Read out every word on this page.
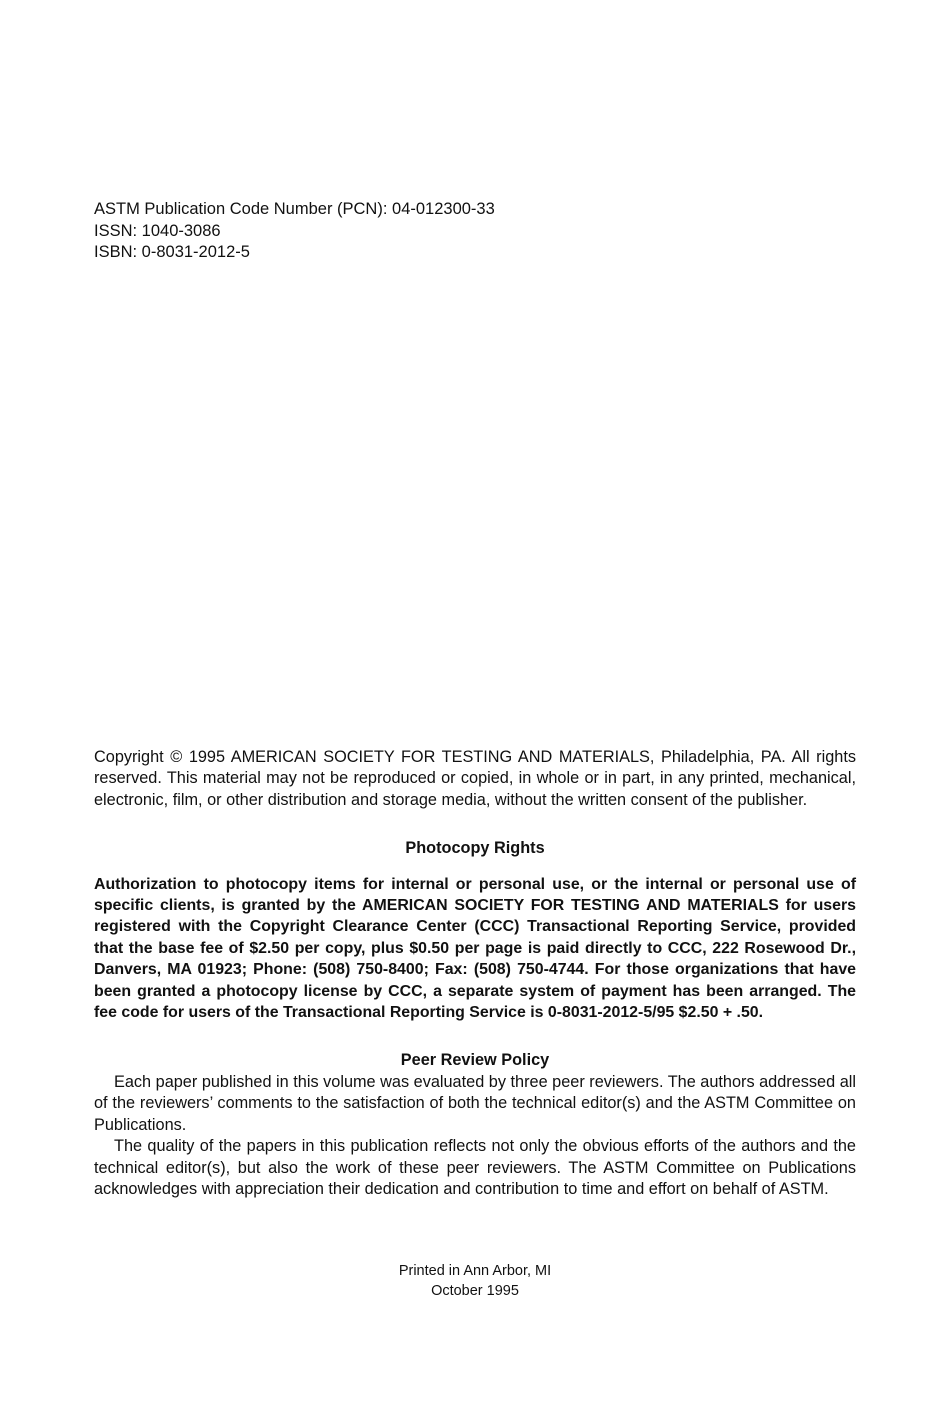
ASTM Publication Code Number (PCN): 04-012300-33
ISSN: 1040-3086
ISBN: 0-8031-2012-5

Copyright © 1995 AMERICAN SOCIETY FOR TESTING AND MATERIALS, Philadelphia, PA. All rights reserved. This material may not be reproduced or copied, in whole or in part, in any printed, mechanical, electronic, film, or other distribution and storage media, without the written consent of the publisher.

Photocopy Rights

Authorization to photocopy items for internal or personal use, or the internal or personal use of specific clients, is granted by the AMERICAN SOCIETY FOR TESTING AND MATERIALS for users registered with the Copyright Clearance Center (CCC) Transactional Reporting Service, provided that the base fee of $2.50 per copy, plus $0.50 per page is paid directly to CCC, 222 Rosewood Dr., Danvers, MA 01923; Phone: (508) 750-8400; Fax: (508) 750-4744. For those organizations that have been granted a photocopy license by CCC, a separate system of payment has been arranged. The fee code for users of the Transactional Reporting Service is 0-8031-2012-5/95 $2.50 + .50.

Peer Review Policy

Each paper published in this volume was evaluated by three peer reviewers. The authors addressed all of the reviewers’ comments to the satisfaction of both the technical editor(s) and the ASTM Committee on Publications.

The quality of the papers in this publication reflects not only the obvious efforts of the authors and the technical editor(s), but also the work of these peer reviewers. The ASTM Committee on Publications acknowledges with appreciation their dedication and contribution to time and effort on behalf of ASTM.

Printed in Ann Arbor, MI
October 1995
